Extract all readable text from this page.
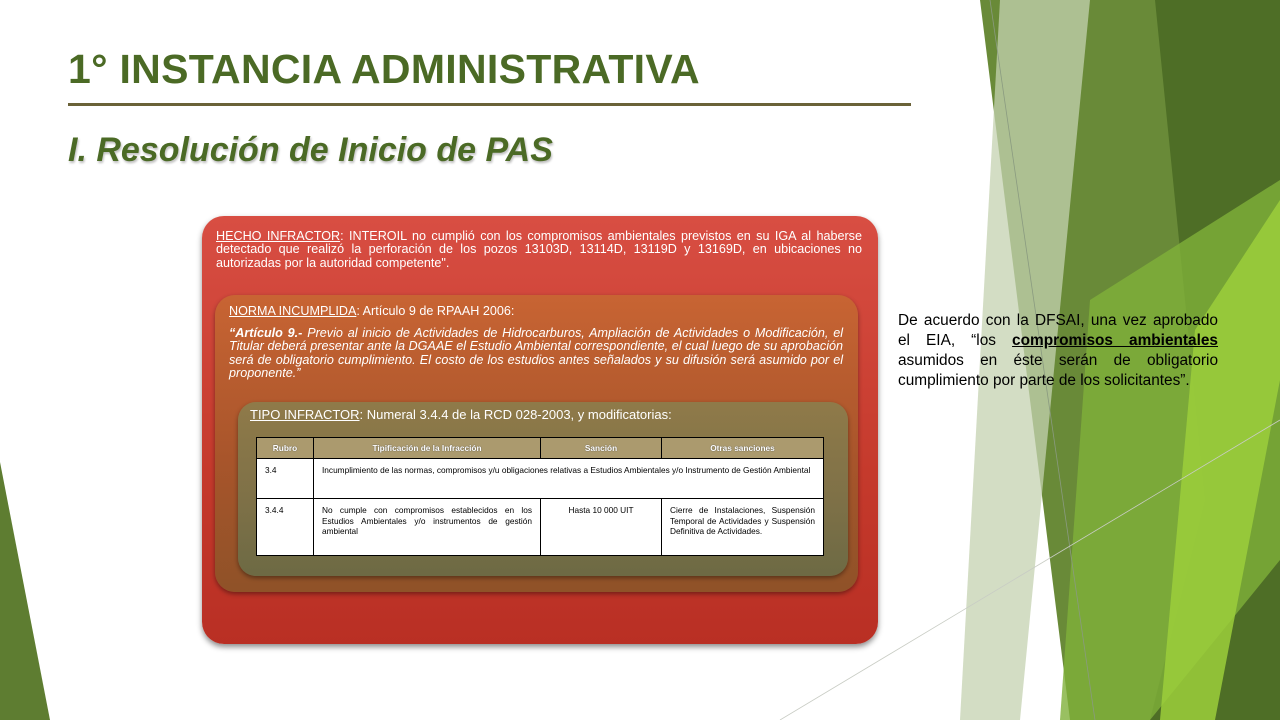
1° INSTANCIA ADMINISTRATIVA
I. Resolución de Inicio de PAS
HECHO INFRACTOR: INTEROIL no cumplió con los compromisos ambientales previstos en su IGA al haberse detectado que realizó la perforación de los pozos 13103D, 13114D, 13119D y 13169D, en ubicaciones no autorizadas por la autoridad competente".
NORMA INCUMPLIDA: Artículo 9 de RPAAH 2006:
“Artículo 9.- Previo al inicio de Actividades de Hidrocarburos, Ampliación de Actividades o Modificación, el Titular deberá presentar ante la DGAAE el Estudio Ambiental correspondiente, el cual luego de su aprobación será de obligatorio cumplimiento. El costo de los estudios antes señalados y su difusión será asumido por el proponente.”
TIPO INFRACTOR: Numeral 3.4.4 de la RCD 028-2003, y modificatorias:
Rubro	Tipificación de la Infracción	Sanción	Otras sanciones
3.4	Incumplimiento de las normas, compromisos y/u obligaciones relativas a Estudios Ambientales y/o Instrumento de Gestión Ambiental		
3.4.4	No cumple con compromisos establecidos en los Estudios Ambientales y/o instrumentos de gestión ambiental	Hasta 10 000 UIT	Cierre de Instalaciones, Suspensión Temporal de Actividades y Suspensión Definitiva de Actividades.
De acuerdo con la DFSAI, una vez aprobado el EIA, “los compromisos ambientales asumidos en éste serán de obligatorio cumplimiento por parte de los solicitantes”.
